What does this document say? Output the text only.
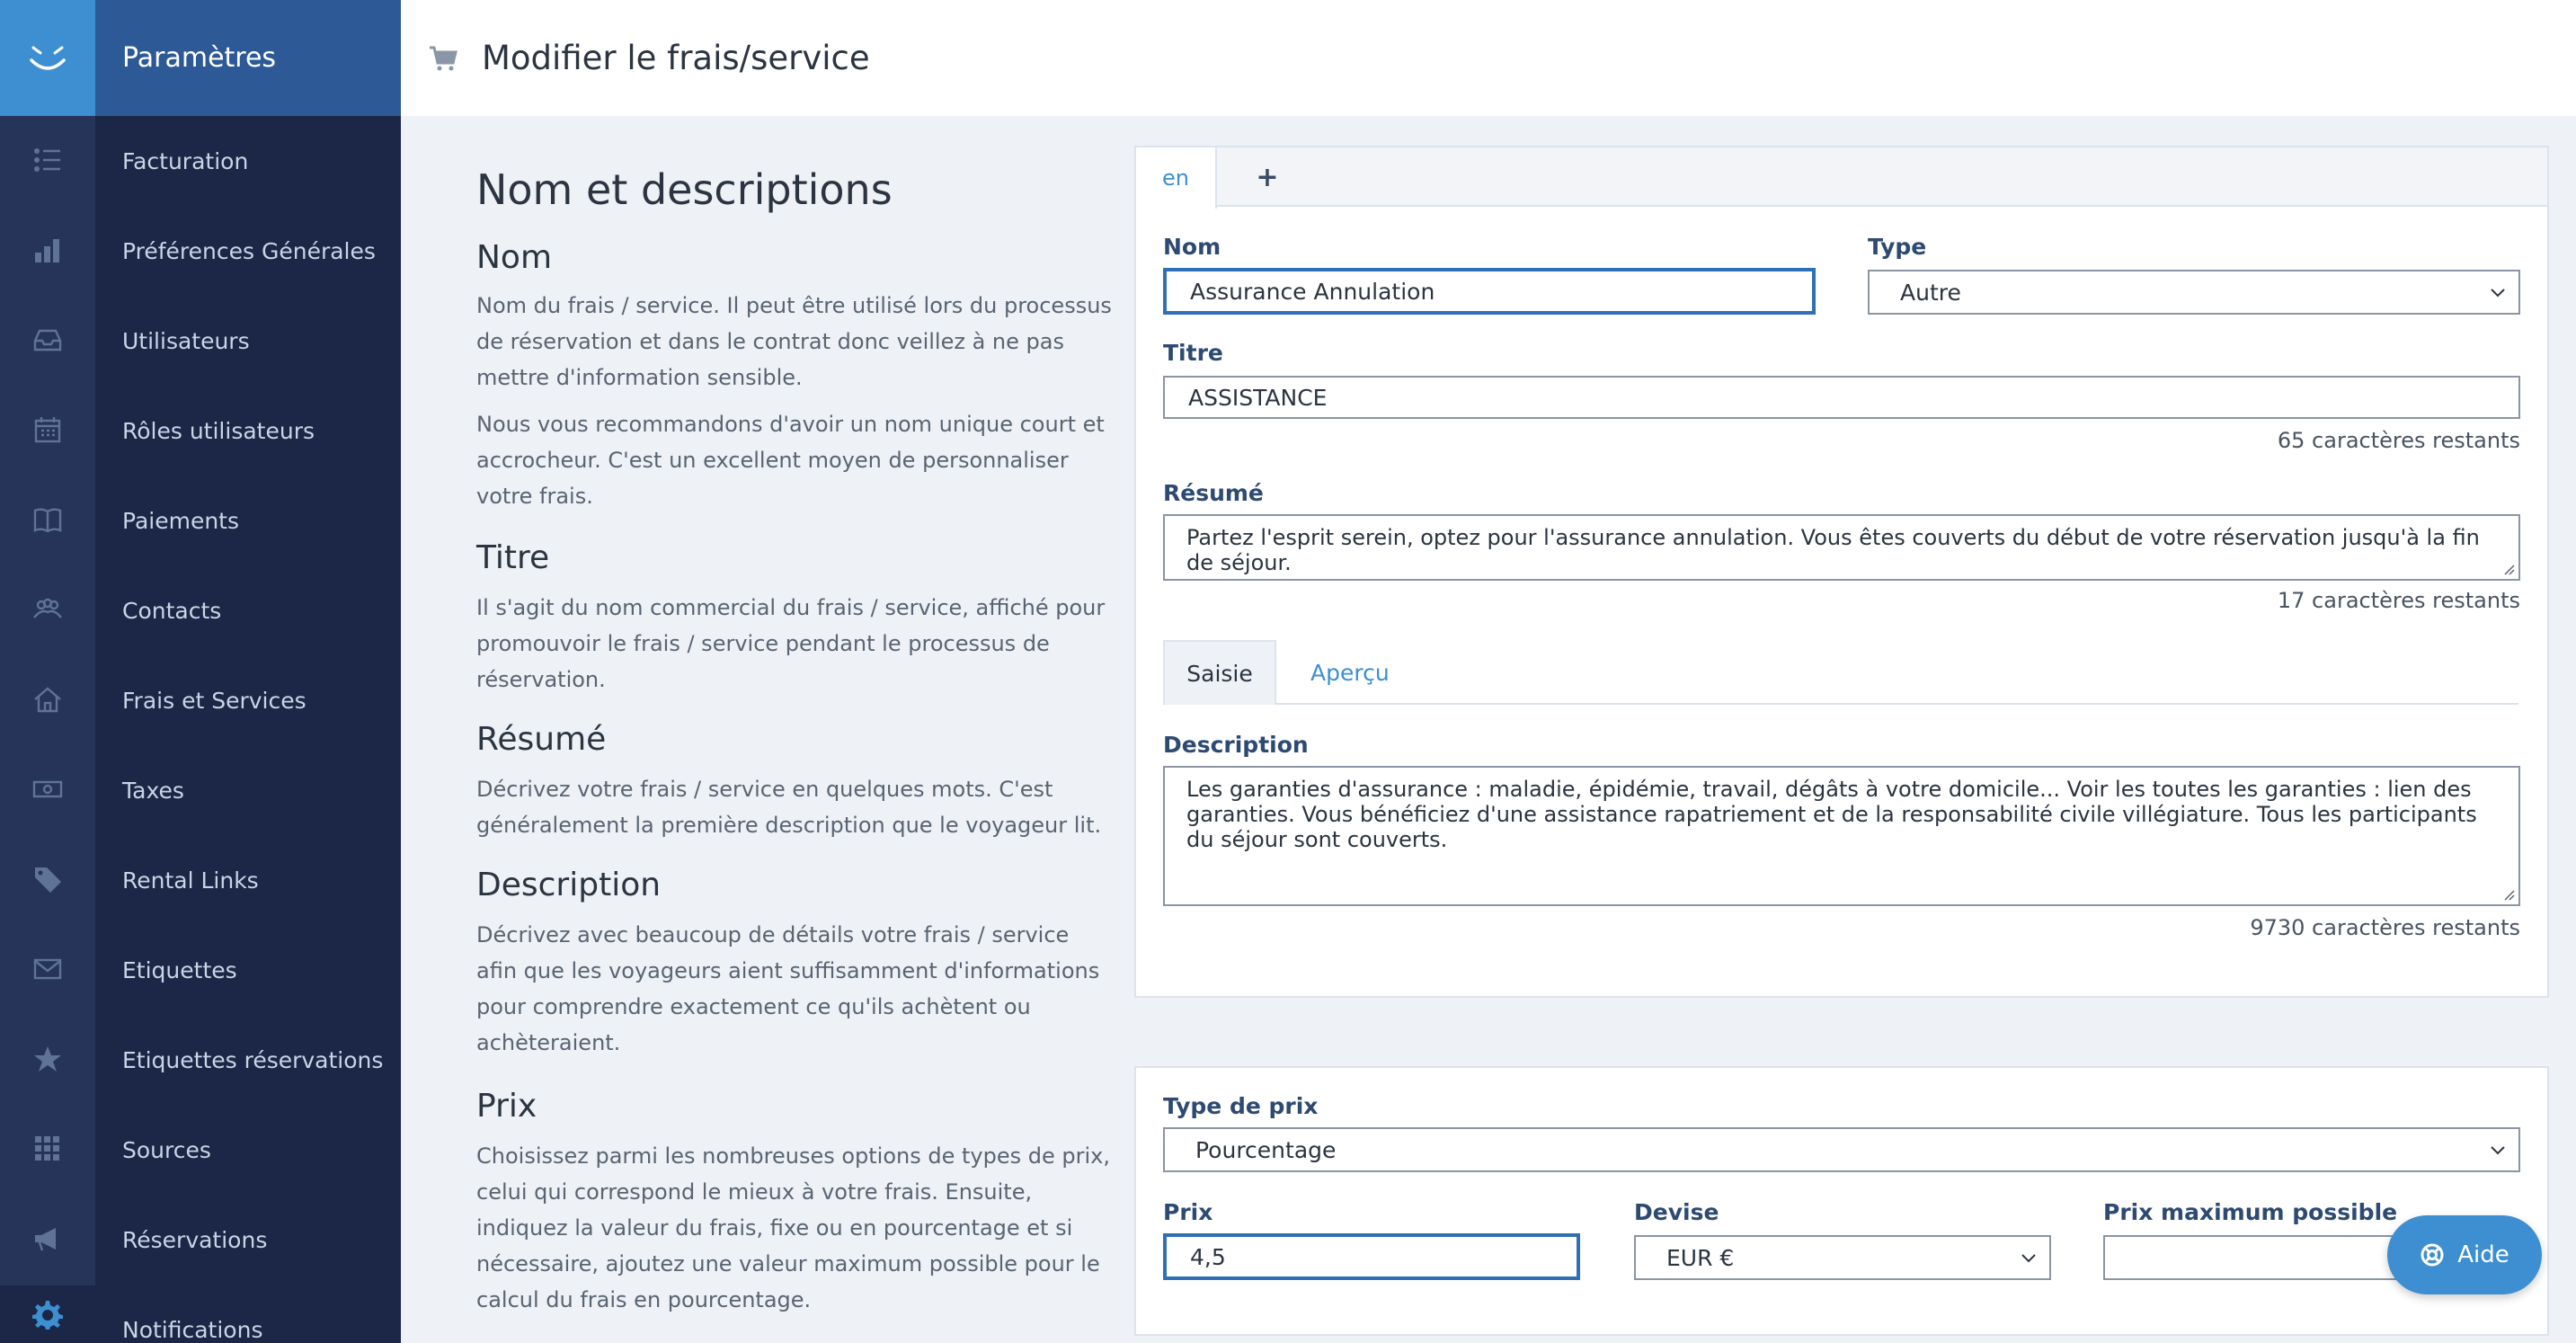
Paramètres
Facturation
Préférences Générales
Utilisateurs
Rôles utilisateurs
Paiements
Contacts
Frais et Services
Taxes
Rental Links
Etiquettes
Etiquettes réservations
Sources
Réservations
Notifications
Modifier le frais/service
Nom et descriptions
Nom

Nom du frais / service. Il peut être utilisé lors du processus de réservation et dans le contrat donc veillez à ne pas mettre d'information sensible.

Nous vous recommandons d'avoir un nom unique court et accrocheur. C'est un excellent moyen de personnaliser votre frais.

Titre

Il s'agit du nom commercial du frais / service, affiché pour promouvoir le frais / service pendant le processus de réservation.

Résumé

Décrivez votre frais / service en quelques mots. C'est généralement la première description que le voyageur lit.

Description

Décrivez avec beaucoup de détails votre frais / service afin que les voyageurs aient suffisamment d'informations pour comprendre exactement ce qu'ils achètent ou achèteraient.

Prix

Choisissez parmi les nombreuses options de types de prix, celui qui correspond le mieux à votre frais. Ensuite, indiquez la valeur du frais, fixe ou en pourcentage et si nécessaire, ajoutez une valeur maximum possible pour le calcul du frais en pourcentage.

en	+
Nom
Assurance Annulation
Type
Autre
Titre
ASSISTANCE
65 caractères restants
Résumé
Partez l'esprit serein, optez pour l'assurance annulation. Vous êtes couverts du début de votre réservation jusqu'à la fin de séjour.
17 caractères restants
Saisie	Aperçu
Description
Les garanties d'assurance : maladie, épidémie, travail, dégâts à votre domicile... Voir les toutes les garanties : lien des garanties. Vous bénéficiez d'une assistance rapatriement et de la responsabilité civile villégiature. Tous les participants du séjour sont couverts.
9730 caractères restants
Type de prix
Pourcentage
Prix
4,5
Devise
EUR €
Prix maximum possible
Aide
